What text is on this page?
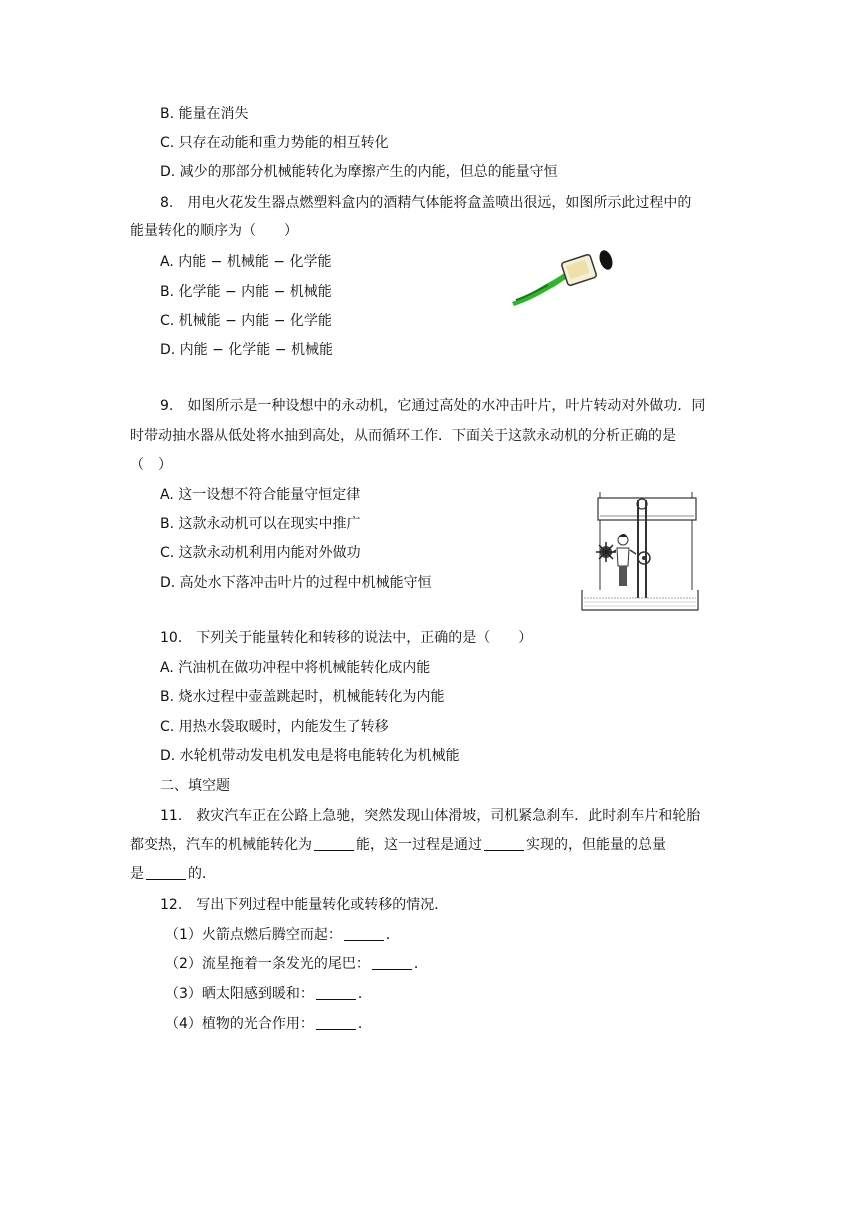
B. 能量在消失
C. 只存在动能和重力势能的相互转化
D. 减少的那部分机械能转化为摩擦产生的内能，但总的能量守恒
8.　用电火花发生器点燃塑料盒内的酒精气体能将盒盖喷出很远，如图所示此过程中的
能量转化的顺序为（　　）
A. 内能 − 机械能 − 化学能
B. 化学能 − 内能 − 机械能
C. 机械能 − 内能 − 化学能
D. 内能 − 化学能 − 机械能
9.　如图所示是一种设想中的永动机，它通过高处的水冲击叶片，叶片转动对外做功．同
时带动抽水器从低处将水抽到高处，从而循环工作．下面关于这款永动机的分析正确的是
（　）
A. 这一设想不符合能量守恒定律
B. 这款永动机可以在现实中推广
C. 这款永动机利用内能对外做功
D. 高处水下落冲击叶片的过程中机械能守恒
10.　下列关于能量转化和转移的说法中，正确的是（　　）
A. 汽油机在做功冲程中将机械能转化成内能
B. 烧水过程中壶盖跳起时，机械能转化为内能
C. 用热水袋取暖时，内能发生了转移
D. 水轮机带动发电机发电是将电能转化为机械能
二、填空题
11.　救灾汽车正在公路上急驰，突然发现山体滑坡，司机紧急刹车．此时刹车片和轮胎
都变热，汽车的机械能转化为	能，这一过程是通过	实现的，但能量的总量
是	的．
12.　写出下列过程中能量转化或转移的情况．
（1）火箭点燃后腾空而起：	．
（2）流星拖着一条发光的尾巴：	．
（3）晒太阳感到暖和：	．
（4）植物的光合作用：	．
